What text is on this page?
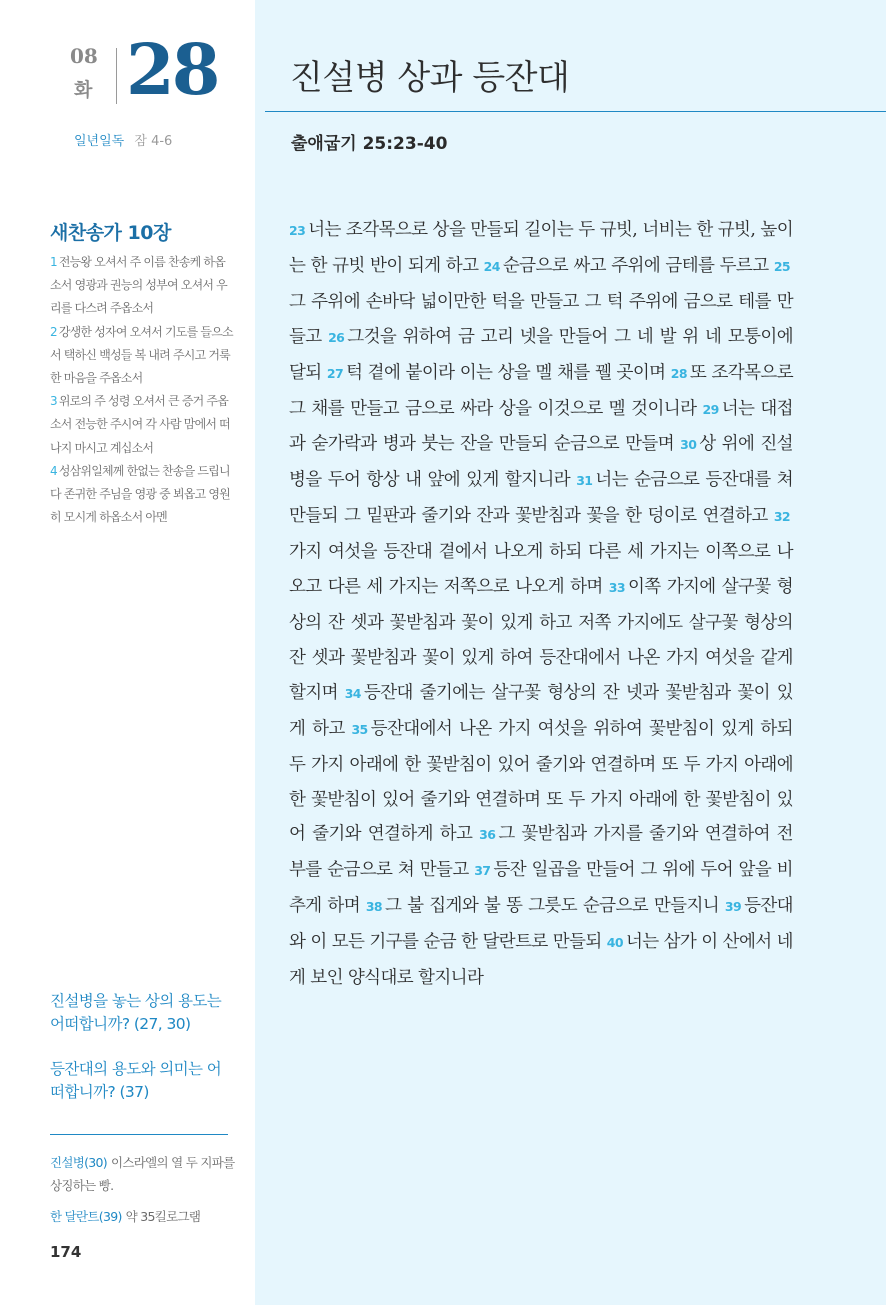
08
화 28
일년일독 잠 4-6
새찬송가 10장
1 전능왕 오셔서 주 이름 찬송케 하옵소서 영광과 권능의 성부여 오셔서 우리를 다스려 주옵소서
2 강생한 성자여 오셔서 기도를 들으소서 택하신 백성들 복 내려 주시고 거룩한 마음을 주옵소서
3 위로의 주 성령 오셔서 큰 증거 주옵소서 전능한 주시여 각 사람 맘에서 떠나지 마시고 계십소서
4 성삼위일체께 한없는 찬송을 드립니다 존귀한 주님을 영광 중 뵈옵고 영원히 모시게 하옵소서 아멘
진설병을 놓는 상의 용도는 어떠합니까? (27, 30)
등잔대의 용도와 의미는 어떠합니까? (37)
진설병(30) 이스라엘의 열 두 지파를 상징하는 빵.
한 달란트(39) 약 35킬로그램
174
진설병 상과 등잔대
출애굽기 25:23-40
23 너는 조각목으로 상을 만들되 길이는 두 규빗, 너비는 한 규빗, 높이는 한 규빗 반이 되게 하고 24 순금으로 싸고 주위에 금테를 두르고 25그 주위에 손바닥 넓이만한 턱을 만들고 그 턱 주위에 금으로 테를 만들고 26 그것을 위하여 금 고리 넷을 만들어 그 네 발 위 네 모퉁이에 달되 27 턱 곁에 붙이라 이는 상을 멜 채를 꿸 곳이며 28 또 조각목으로 그 채를 만들고 금으로 싸라 상을 이것으로 멜 것이니라 29 너는 대접과 숟가락과 병과 붓는 잔을 만들되 순금으로 만들며 30 상 위에 진설병을 두어 항상 내 앞에 있게 할지니라 31 너는 순금으로 등잔대를 쳐 만들되 그 밑판과 줄기와 잔과 꽃받침과 꽃을 한 덩이로 연결하고 32가지 여섯을 등잔대 곁에서 나오게 하되 다른 세 가지는 이쪽으로 나오고 다른 세 가지는 저쪽으로 나오게 하며 33 이쪽 가지에 살구꽃 형상의 잔 셋과 꽃받침과 꽃이 있게 하고 저쪽 가지에도 살구꽃 형상의 잔 셋과 꽃받침과 꽃이 있게 하여 등잔대에서 나온 가지 여섯을 같게 할지며 34 등잔대 줄기에는 살구꽃 형상의 잔 넷과 꽃받침과 꽃이 있게 하고 35 등잔대에서 나온 가지 여섯을 위하여 꽃받침이 있게 하되 두 가지 아래에 한 꽃받침이 있어 줄기와 연결하며 또 두 가지 아래에 한 꽃받침이 있어 줄기와 연결하며 또 두 가지 아래에 한 꽃받침이 있어 줄기와 연결하게 하고 36 그 꽃받침과 가지를 줄기와 연결하여 전부를 순금으로 쳐 만들고 37 등잔 일곱을 만들어 그 위에 두어 앞을 비추게 하며 38 그 불 집게와 불 똥 그릇도 순금으로 만들지니 39 등잔대와 이 모든 기구를 순금 한 달란트로 만들되 40 너는 삼가 이 산에서 네게 보인 양식대로 할지니라
